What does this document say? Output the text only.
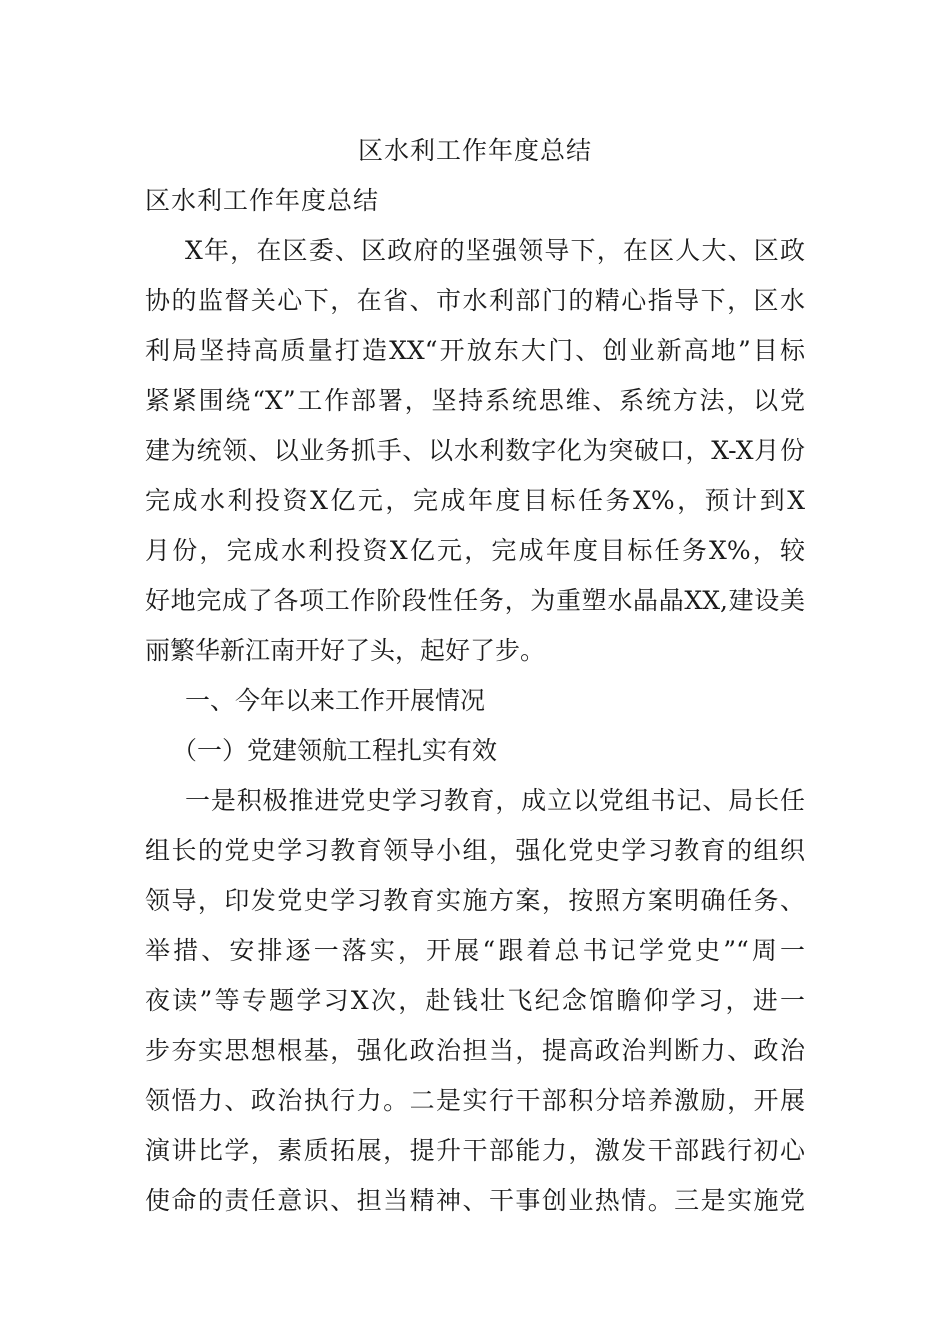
区水利工作年度总结
区水利工作年度总结
X年，在区委、区政府的坚强领导下，在区人大、区政
协的监督关心下，在省、市水利部门的精心指导下，区水
利局坚持高质量打造XX“开放东大门、创业新高地”目标
紧紧围绕“X”工作部署，坚持系统思维、系统方法，以党
建为统领、以业务抓手、以水利数字化为突破口，X-X月份
完成水利投资X亿元，完成年度目标任务X%，预计到X
月份，完成水利投资X亿元，完成年度目标任务X%，较
好地完成了各项工作阶段性任务，为重塑水晶晶XX,建设美
丽繁华新江南开好了头，起好了步。
一、今年以来工作开展情况
（一）党建领航工程扎实有效
一是积极推进党史学习教育，成立以党组书记、局长任
组长的党史学习教育领导小组，强化党史学习教育的组织
领导，印发党史学习教育实施方案，按照方案明确任务、
举措、安排逐一落实，开展“跟着总书记学党史”“周一
夜读”等专题学习X次，赴钱壮飞纪念馆瞻仰学习，进一
步夯实思想根基，强化政治担当，提高政治判断力、政治
领悟力、政治执行力。二是实行干部积分培养激励，开展
演讲比学，素质拓展，提升干部能力，激发干部践行初心
使命的责任意识、担当精神、干事创业热情。三是实施党
